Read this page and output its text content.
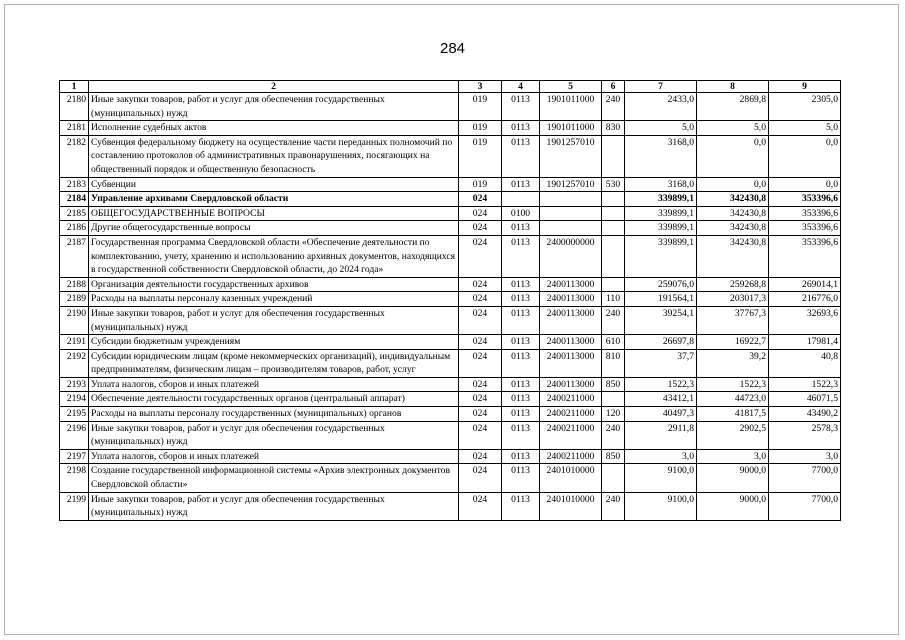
284
1	2	3	4	5	6	7	8	9
2180	Иные закупки товаров, работ и услуг для обеспечения государственных (муниципальных) нужд	019	0113	1901011000	240	2433,0	2869,8	2305,0
2181	Исполнение судебных актов	019	0113	1901011000	830	5,0	5,0	5,0
2182	Субвенция федеральному бюджету на осуществление части переданных полномочий по составлению протоколов об административных правонарушениях, посягающих на общественный порядок и общественную безопасность	019	0113	1901257010		3168,0	0,0	0,0
2183	Субвенции	019	0113	1901257010	530	3168,0	0,0	0,0
2184	Управление архивами Свердловской области	024				339899,1	342430,8	353396,6
2185	ОБЩЕГОСУДАРСТВЕННЫЕ ВОПРОСЫ	024	0100			339899,1	342430,8	353396,6
2186	Другие общегосударственные вопросы	024	0113			339899,1	342430,8	353396,6
2187	Государственная программа Свердловской области «Обеспечение деятельности по комплектованию, учету, хранению и использованию архивных документов, находящихся в государственной собственности Свердловской области, до 2024 года»	024	0113	2400000000		339899,1	342430,8	353396,6
2188	Организация деятельности государственных архивов	024	0113	2400113000		259076,0	259268,8	269014,1
2189	Расходы на выплаты персоналу казенных учреждений	024	0113	2400113000	110	191564,1	203017,3	216776,0
2190	Иные закупки товаров, работ и услуг для обеспечения государственных (муниципальных) нужд	024	0113	2400113000	240	39254,1	37767,3	32693,6
2191	Субсидии бюджетным учреждениям	024	0113	2400113000	610	26697,8	16922,7	17981,4
2192	Субсидии юридическим лицам (кроме некоммерческих организаций), индивидуальным предпринимателям, физическим лицам – производителям товаров, работ, услуг	024	0113	2400113000	810	37,7	39,2	40,8
2193	Уплата налогов, сборов и иных платежей	024	0113	2400113000	850	1522,3	1522,3	1522,3
2194	Обеспечение деятельности государственных органов (центральный аппарат)	024	0113	2400211000		43412,1	44723,0	46071,5
2195	Расходы на выплаты персоналу государственных (муниципальных) органов	024	0113	2400211000	120	40497,3	41817,5	43490,2
2196	Иные закупки товаров, работ и услуг для обеспечения государственных (муниципальных) нужд	024	0113	2400211000	240	2911,8	2902,5	2578,3
2197	Уплата налогов, сборов и иных платежей	024	0113	2400211000	850	3,0	3,0	3,0
2198	Создание государственной информационной системы «Архив электронных документов Свердловской области»	024	0113	2401010000		9100,0	9000,0	7700,0
2199	Иные закупки товаров, работ и услуг для обеспечения государственных (муниципальных) нужд	024	0113	2401010000	240	9100,0	9000,0	7700,0
